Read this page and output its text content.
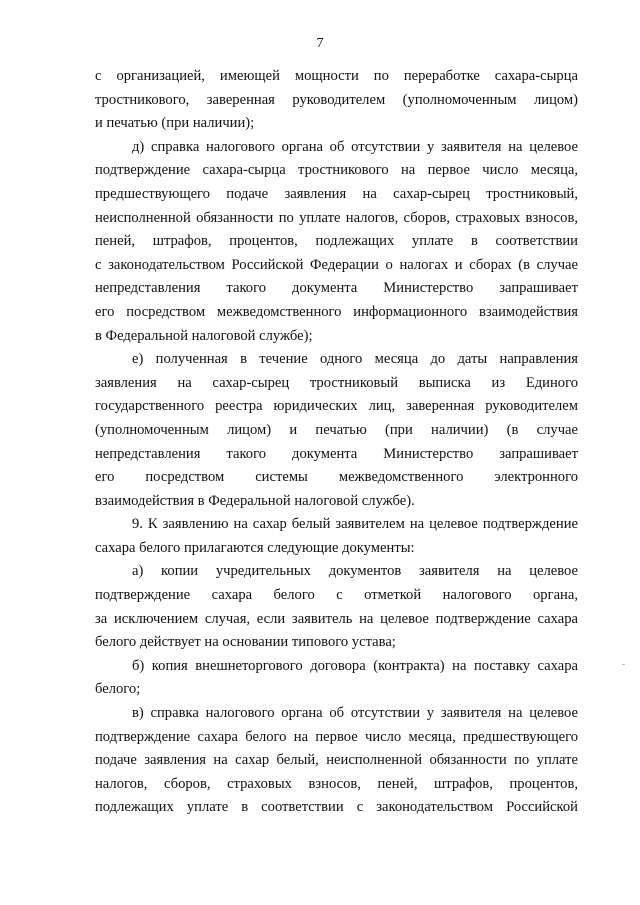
7
с организацией, имеющей мощности по переработке сахара-сырца
тростникового, заверенная руководителем (уполномоченным лицом)
и печатью (при наличии);
д) справка налогового органа об отсутствии у заявителя на целевое
подтверждение сахара-сырца тростникового на первое число месяца,
предшествующего подаче заявления на сахар-сырец тростниковый,
неисполненной обязанности по уплате налогов, сборов, страховых взносов,
пеней, штрафов, процентов, подлежащих уплате в соответствии
с законодательством Российской Федерации о налогах и сборах (в случае
непредставления такого документа Министерство запрашивает
его посредством межведомственного информационного взаимодействия
в Федеральной налоговой службе);
е) полученная в течение одного месяца до даты направления
заявления на сахар-сырец тростниковый выписка из Единого
государственного реестра юридических лиц, заверенная руководителем
(уполномоченным лицом) и печатью (при наличии) (в случае
непредставления такого документа Министерство запрашивает
его посредством системы межведомственного электронного
взаимодействия в Федеральной налоговой службе).
9. К заявлению на сахар белый заявителем на целевое подтверждение
сахара белого прилагаются следующие документы:
а) копии учредительных документов заявителя на целевое
подтверждение сахара белого с отметкой налогового органа,
за исключением случая, если заявитель на целевое подтверждение сахара
белого действует на основании типового устава;
б) копия внешнеторгового договора (контракта) на поставку сахара
белого;
в) справка налогового органа об отсутствии у заявителя на целевое
подтверждение сахара белого на первое число месяца, предшествующего
подаче заявления на сахар белый, неисполненной обязанности по уплате
налогов, сборов, страховых взносов, пеней, штрафов, процентов,
подлежащих уплате в соответствии с законодательством Российской
